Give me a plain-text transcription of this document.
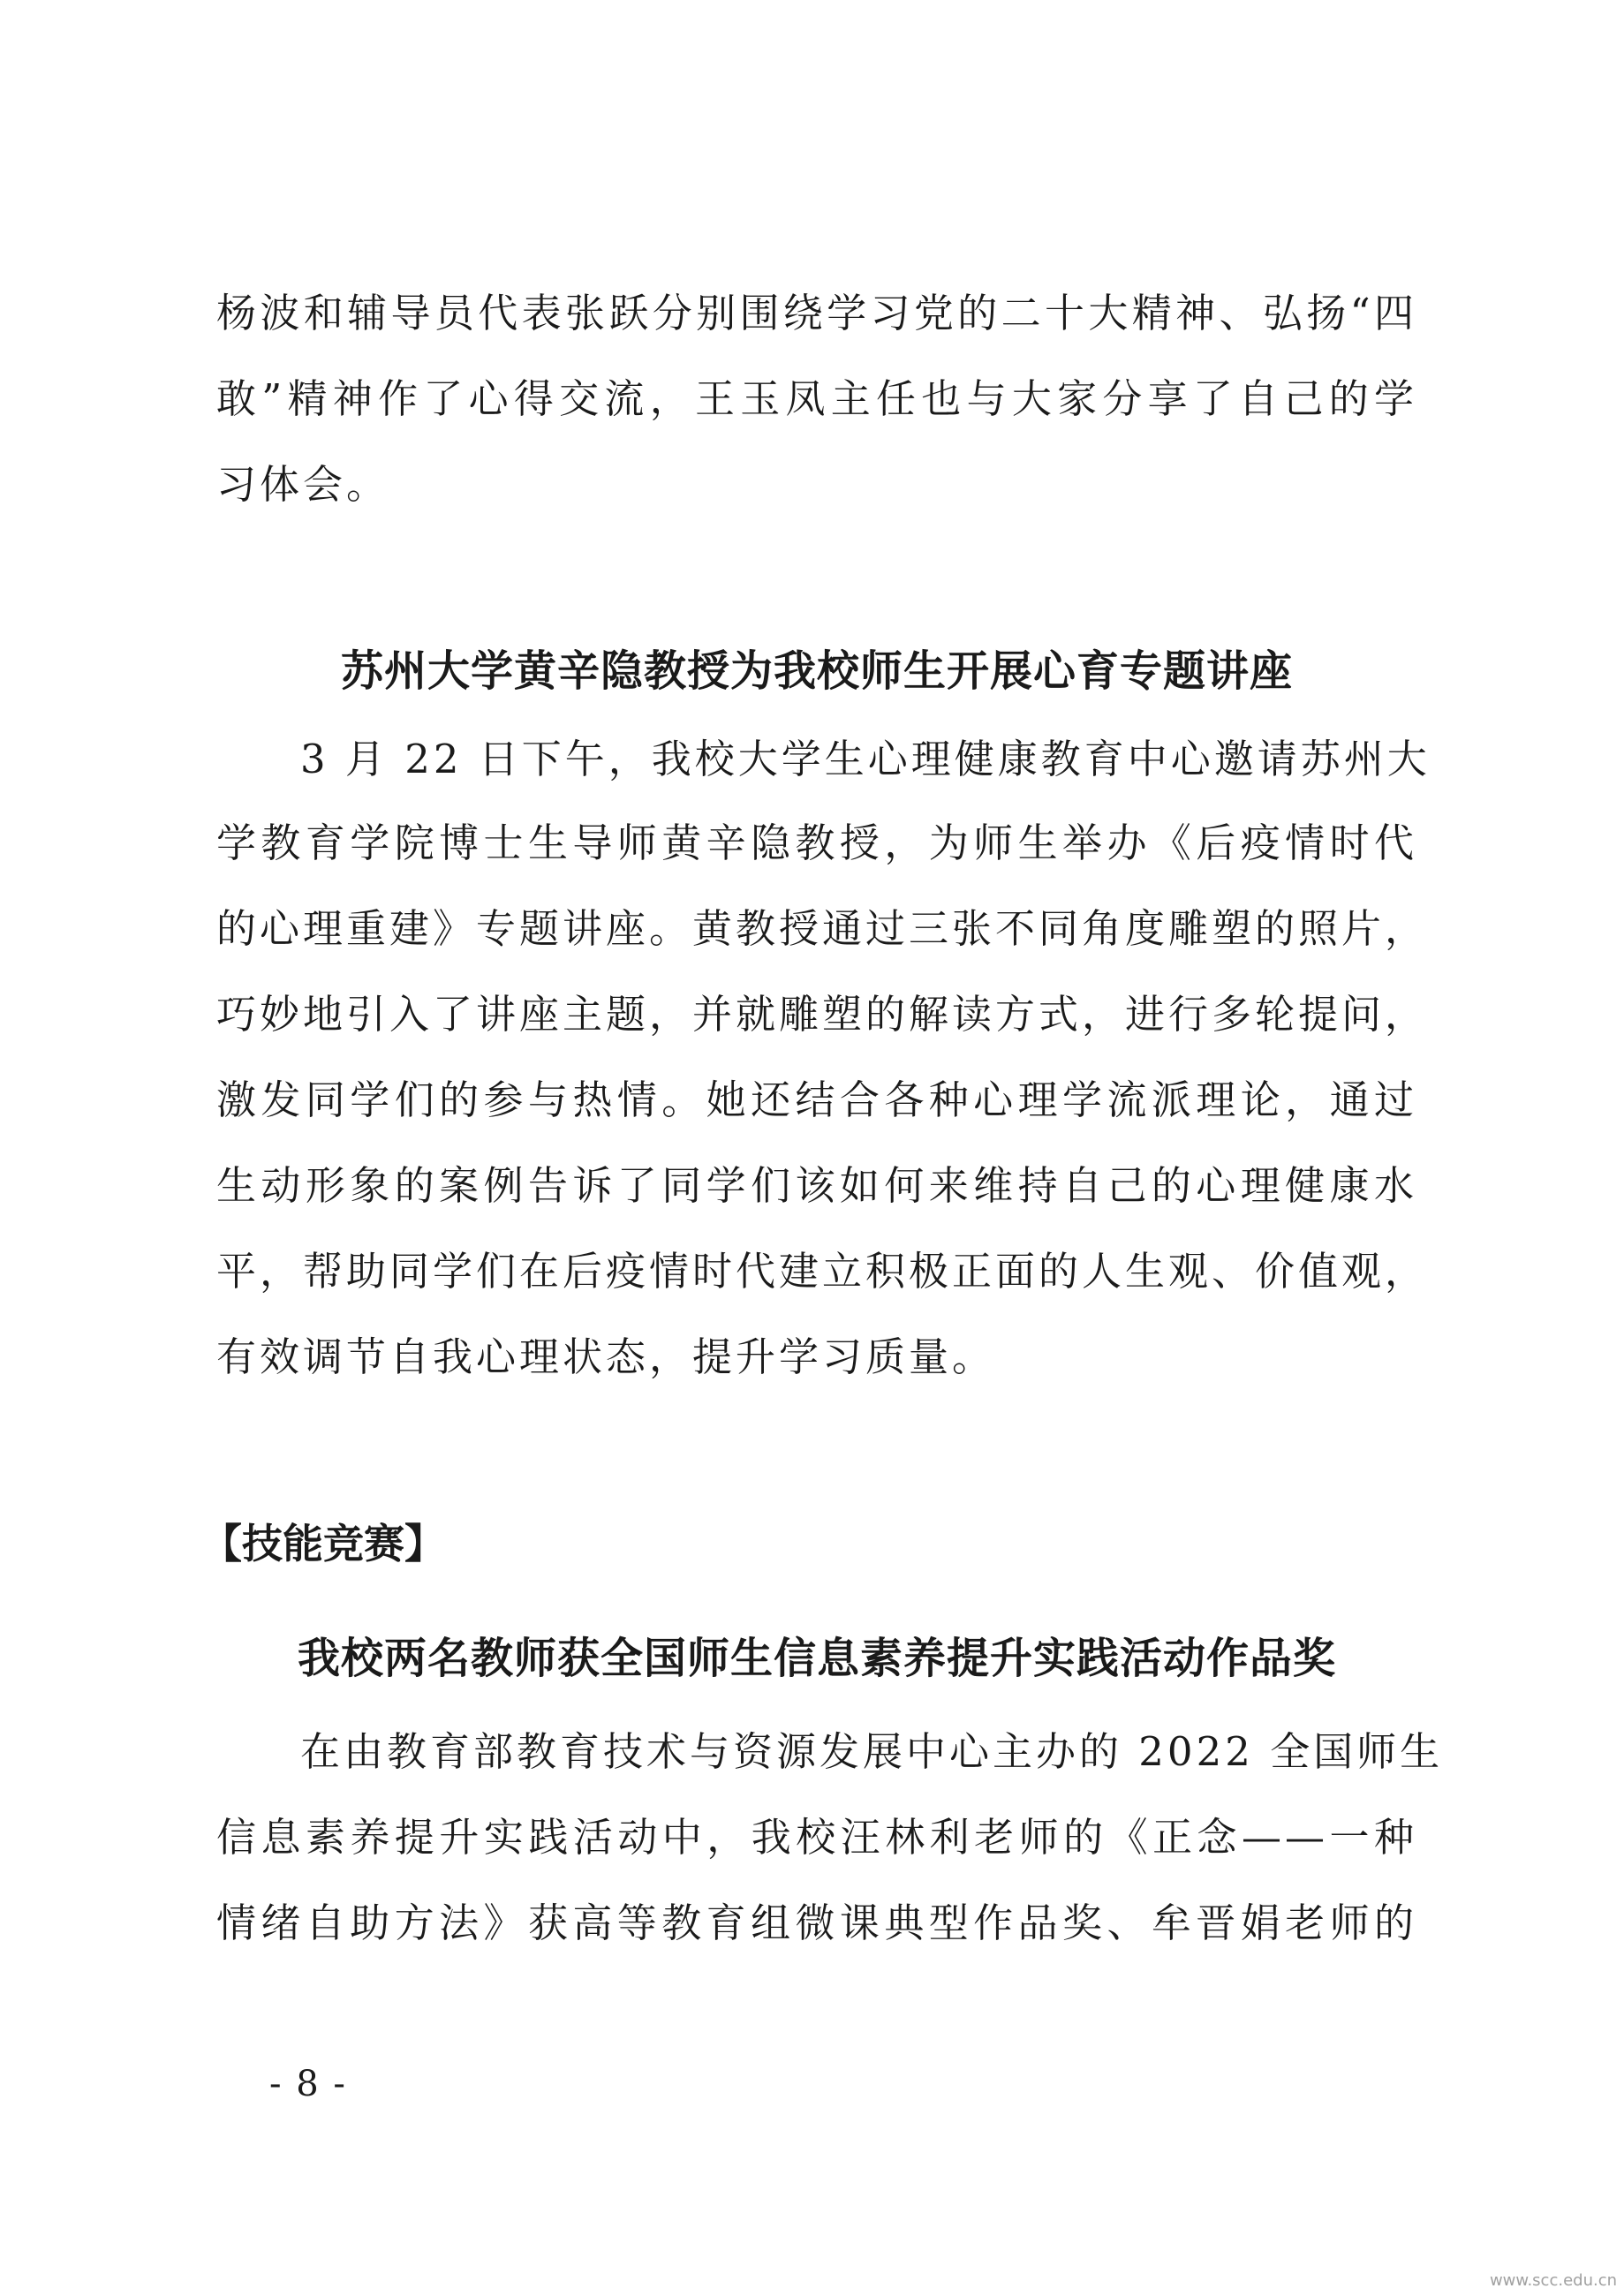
杨波和辅导员代表张跃分别围绕学习党的二十大精神、弘扬“四
敢”精神作了心得交流，王玉凤主任也与大家分享了自己的学
习体会。
苏州大学黄辛隐教授为我校师生开展心育专题讲座
3 月 22 日下午，我校大学生心理健康教育中心邀请苏州大
学教育学院博士生导师黄辛隐教授，为师生举办《后疫情时代
的心理重建》专题讲座。黄教授通过三张不同角度雕塑的照片，
巧妙地引入了讲座主题，并就雕塑的解读方式，进行多轮提问，
激发同学们的参与热情。她还结合各种心理学流派理论，通过
生动形象的案例告诉了同学们该如何来维持自己的心理健康水
平，帮助同学们在后疫情时代建立积极正面的人生观、价值观，
有效调节自我心理状态，提升学习质量。
【技能竞赛】
我校两名教师获全国师生信息素养提升实践活动作品奖
在由教育部教育技术与资源发展中心主办的 2022 全国师生
信息素养提升实践活动中，我校汪林利老师的《正念——一种
情绪自助方法》获高等教育组微课典型作品奖、牟晋娟老师的
- 8 -
www.scc.edu.cn
